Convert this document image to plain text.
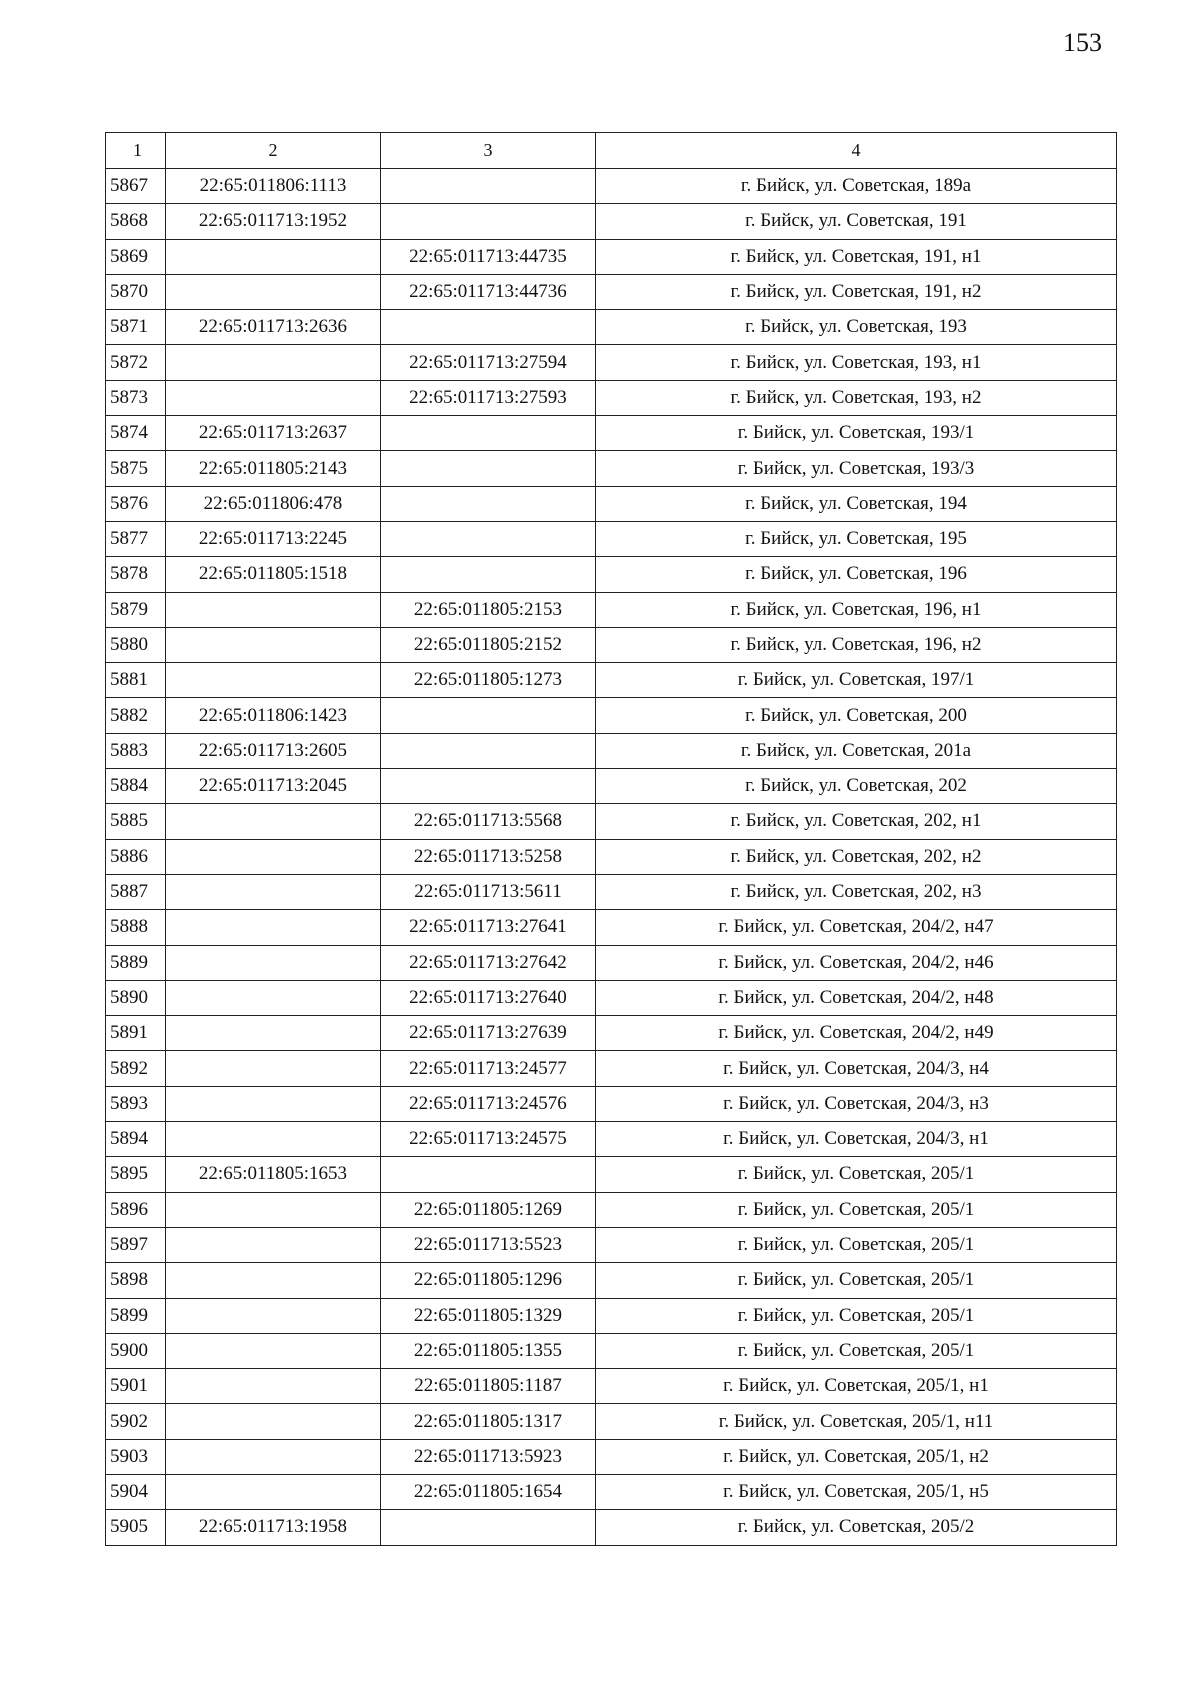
153
1	2	3	4
5867	22:65:011806:1113		г. Бийск, ул. Советская, 189а
5868	22:65:011713:1952		г. Бийск, ул. Советская, 191
5869		22:65:011713:44735	г. Бийск, ул. Советская, 191, н1
5870		22:65:011713:44736	г. Бийск, ул. Советская, 191, н2
5871	22:65:011713:2636		г. Бийск, ул. Советская, 193
5872		22:65:011713:27594	г. Бийск, ул. Советская, 193, н1
5873		22:65:011713:27593	г. Бийск, ул. Советская, 193, н2
5874	22:65:011713:2637		г. Бийск, ул. Советская, 193/1
5875	22:65:011805:2143		г. Бийск, ул. Советская, 193/3
5876	22:65:011806:478		г. Бийск, ул. Советская, 194
5877	22:65:011713:2245		г. Бийск, ул. Советская, 195
5878	22:65:011805:1518		г. Бийск, ул. Советская, 196
5879		22:65:011805:2153	г. Бийск, ул. Советская, 196, н1
5880		22:65:011805:2152	г. Бийск, ул. Советская, 196, н2
5881		22:65:011805:1273	г. Бийск, ул. Советская, 197/1
5882	22:65:011806:1423		г. Бийск, ул. Советская, 200
5883	22:65:011713:2605		г. Бийск, ул. Советская, 201а
5884	22:65:011713:2045		г. Бийск, ул. Советская, 202
5885		22:65:011713:5568	г. Бийск, ул. Советская, 202, н1
5886		22:65:011713:5258	г. Бийск, ул. Советская, 202, н2
5887		22:65:011713:5611	г. Бийск, ул. Советская, 202, н3
5888		22:65:011713:27641	г. Бийск, ул. Советская, 204/2, н47
5889		22:65:011713:27642	г. Бийск, ул. Советская, 204/2, н46
5890		22:65:011713:27640	г. Бийск, ул. Советская, 204/2, н48
5891		22:65:011713:27639	г. Бийск, ул. Советская, 204/2, н49
5892		22:65:011713:24577	г. Бийск, ул. Советская, 204/3, н4
5893		22:65:011713:24576	г. Бийск, ул. Советская, 204/3, н3
5894		22:65:011713:24575	г. Бийск, ул. Советская, 204/3, н1
5895	22:65:011805:1653		г. Бийск, ул. Советская, 205/1
5896		22:65:011805:1269	г. Бийск, ул. Советская, 205/1
5897		22:65:011713:5523	г. Бийск, ул. Советская, 205/1
5898		22:65:011805:1296	г. Бийск, ул. Советская, 205/1
5899		22:65:011805:1329	г. Бийск, ул. Советская, 205/1
5900		22:65:011805:1355	г. Бийск, ул. Советская, 205/1
5901		22:65:011805:1187	г. Бийск, ул. Советская, 205/1, н1
5902		22:65:011805:1317	г. Бийск, ул. Советская, 205/1, н11
5903		22:65:011713:5923	г. Бийск, ул. Советская, 205/1, н2
5904		22:65:011805:1654	г. Бийск, ул. Советская, 205/1, н5
5905	22:65:011713:1958		г. Бийск, ул. Советская, 205/2
